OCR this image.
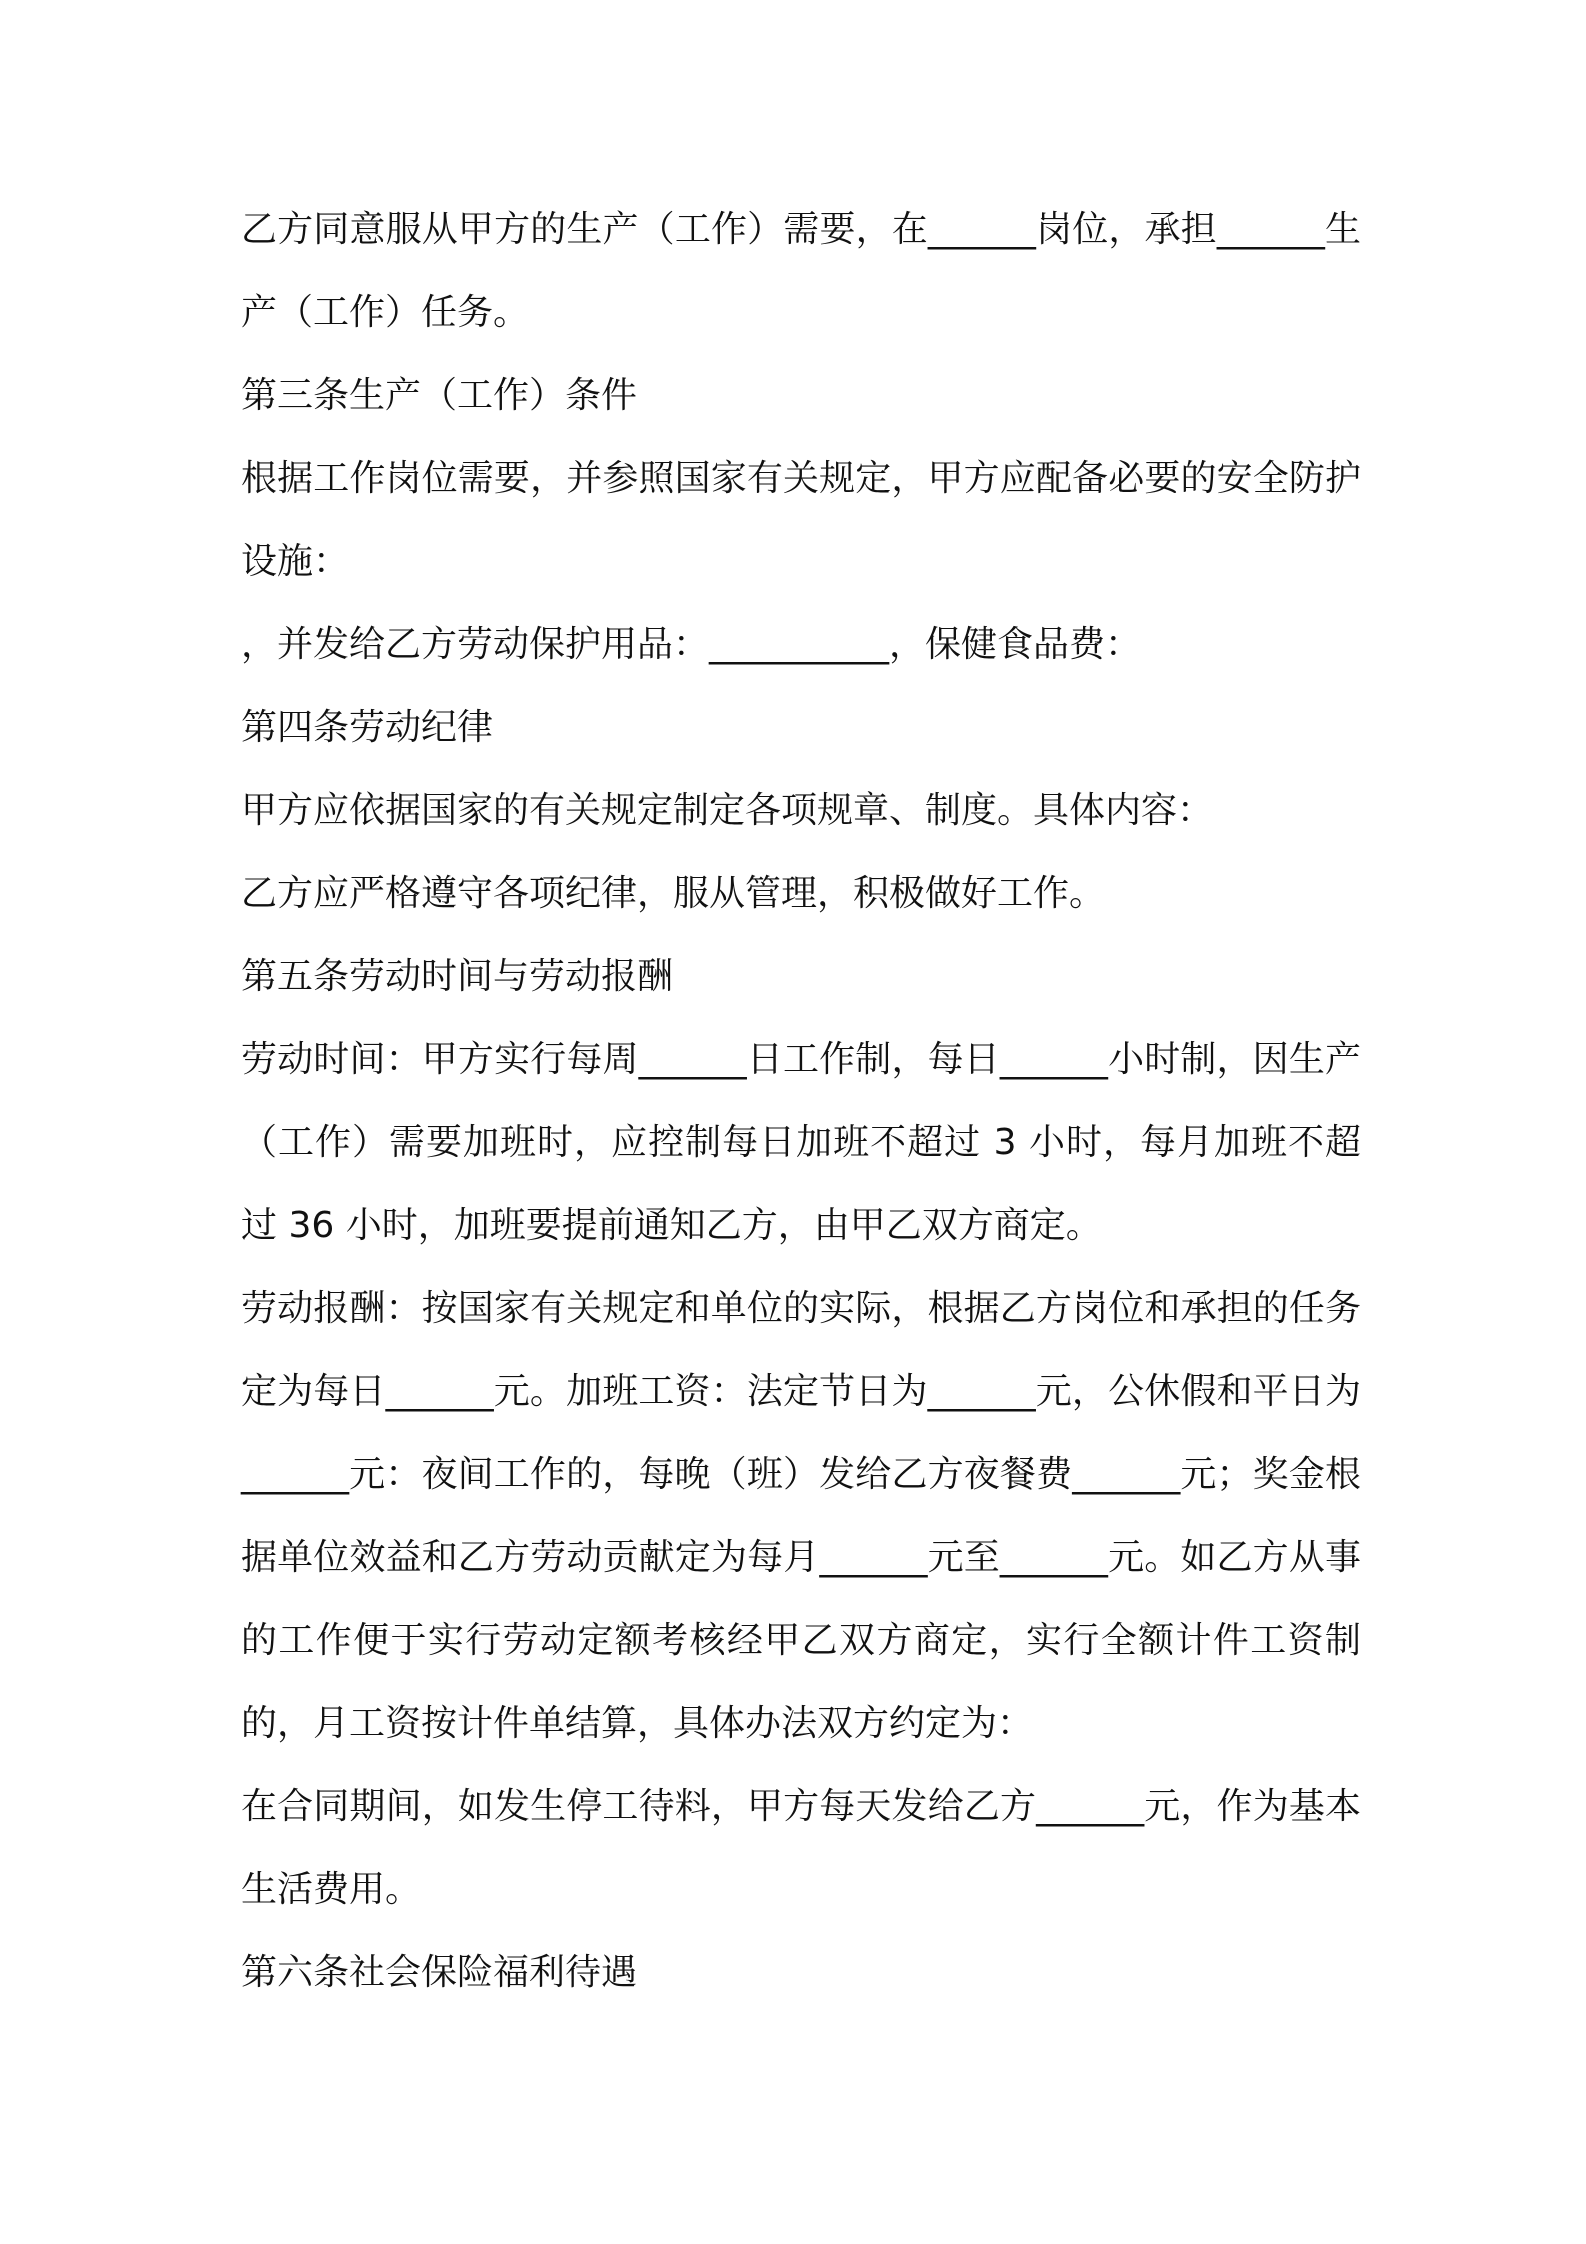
乙方同意服从甲方的生产（工作）需要，在______岗位，承担______生产（工作）任务。

第三条生产（工作）条件

根据工作岗位需要，并参照国家有关规定，甲方应配备必要的安全防护设施：

，并发给乙方劳动保护用品：__________，保健食品费：

第四条劳动纪律

甲方应依据国家的有关规定制定各项规章、制度。具体内容：

乙方应严格遵守各项纪律，服从管理，积极做好工作。

第五条劳动时间与劳动报酬

劳动时间：甲方实行每周______日工作制，每日______小时制，因生产（工作）需要加班时，应控制每日加班不超过 3 小时，每月加班不超过 36 小时，加班要提前通知乙方，由甲乙双方商定。

劳动报酬：按国家有关规定和单位的实际，根据乙方岗位和承担的任务定为每日______元。加班工资：法定节日为______元，公休假和平日为______元：夜间工作的，每晚（班）发给乙方夜餐费______元；奖金根据单位效益和乙方劳动贡献定为每月______元至______元。如乙方从事的工作便于实行劳动定额考核经甲乙双方商定，实行全额计件工资制的，月工资按计件单结算，具体办法双方约定为：

在合同期间，如发生停工待料，甲方每天发给乙方______元，作为基本生活费用。

第六条社会保险福利待遇
